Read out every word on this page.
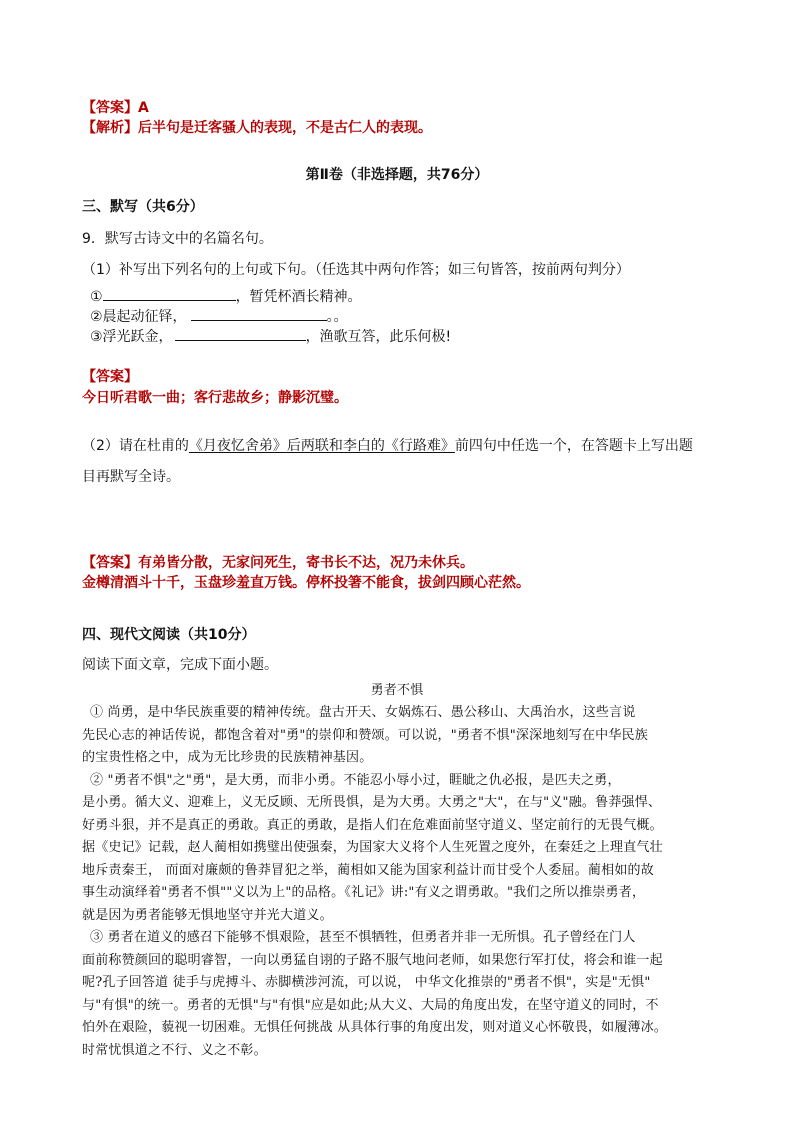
【答案】A
【解析】后半句是迁客骚人的表现，不是古仁人的表现。
第Ⅱ卷（非选择题，共76分）
三、默写（共6分）
9．默写古诗文中的名篇名句。
（1）补写出下列名句的上句或下句。（任选其中两句作答；如三句皆答，按前两句判分）
①	，暂凭杯酒长精神。
②晨起动征铎，	。。
③浮光跃金，	，渔歌互答，此乐何极!
【答案】
今日听君歌一曲；客行悲故乡；静影沉璧。
（2）请在杜甫的《月夜忆舍弟》后两联和李白的《行路难》前四句中任选一个，在答题卡上写出题
目再默写全诗。
【答案】有弟皆分散，无家问死生，寄书长不达，况乃未休兵。
金樽清酒斗十千，玉盘珍羞直万钱。停杯投箸不能食，拔剑四顾心茫然。
四、现代文阅读（共10分）
阅读下面文章，完成下面小题。
勇者不惧
① 尚勇，是中华民族重要的精神传统。盘古开天、女娲炼石、愚公移山、大禹治水，这些言说
先民心志的神话传说，都饱含着对"勇"的崇仰和赞颂。可以说，"勇者不惧"深深地刻写在中华民族
的宝贵性格之中，成为无比珍贵的民族精神基因。
② "勇者不惧"之"勇"，是大勇，而非小勇。不能忍小辱小过，睚眦之仇必报，是匹夫之勇，
是小勇。循大义、迎难上，义无反顾、无所畏惧，是为大勇。大勇之"大"，在与"义"融。鲁莽强悍、
好勇斗狠，并不是真正的勇敢。真正的勇敢，是指人们在危难面前坚守道义、坚定前行的无畏气概。
据《史记》记载，赵人蔺相如携璧出使强秦，为国家大义将个人生死置之度外，在秦廷之上理直气壮
地斥责秦王， 而面对廉颇的鲁莽冒犯之举，蔺相如又能为国家利益计而甘受个人委屈。蔺相如的故
事生动演绎着"勇者不惧""义以为上"的品格。《礼记》讲:"有义之谓勇敢。"我们之所以推崇勇者，
就是因为勇者能够无惧地坚守并光大道义。
③ 勇者在道义的感召下能够不惧艰险，甚至不惧牺牲，但勇者并非一无所惧。孔子曾经在门人
面前称赞颜回的聪明睿智，一向以勇猛自诩的子路不服气地问老师，如果您行军打仗，将会和谁一起
呢?孔子回答道 徒手与虎搏斗、赤脚横涉河流，可以说， 中华文化推崇的"勇者不惧"，实是"无惧"
与"有惧"的统一。勇者的无惧"与"有惧"应是如此;从大义、大局的角度出发，在坚守道义的同时，不
怕外在艰险，藐视一切困难。无惧任何挑战 从具体行事的角度出发，则对道义心怀敬畏，如履薄冰。
时常忧惧道之不行、义之不彰。
